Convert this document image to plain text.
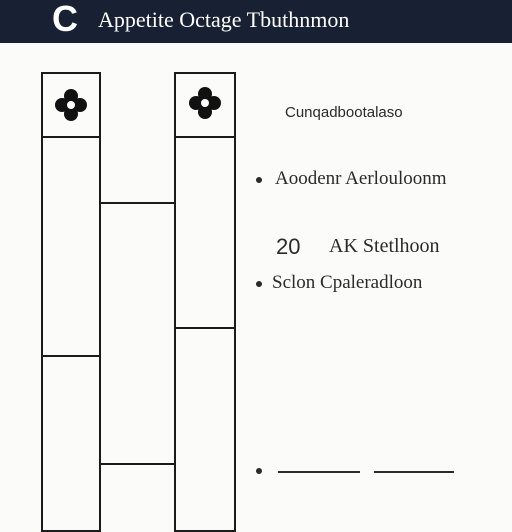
C Appetite Octage Tbuthnmon
Cunqadbootalaso
Aoodenr Aerlouloonm
20 AK Stetlhoon
Sclon Cpaleradloon
